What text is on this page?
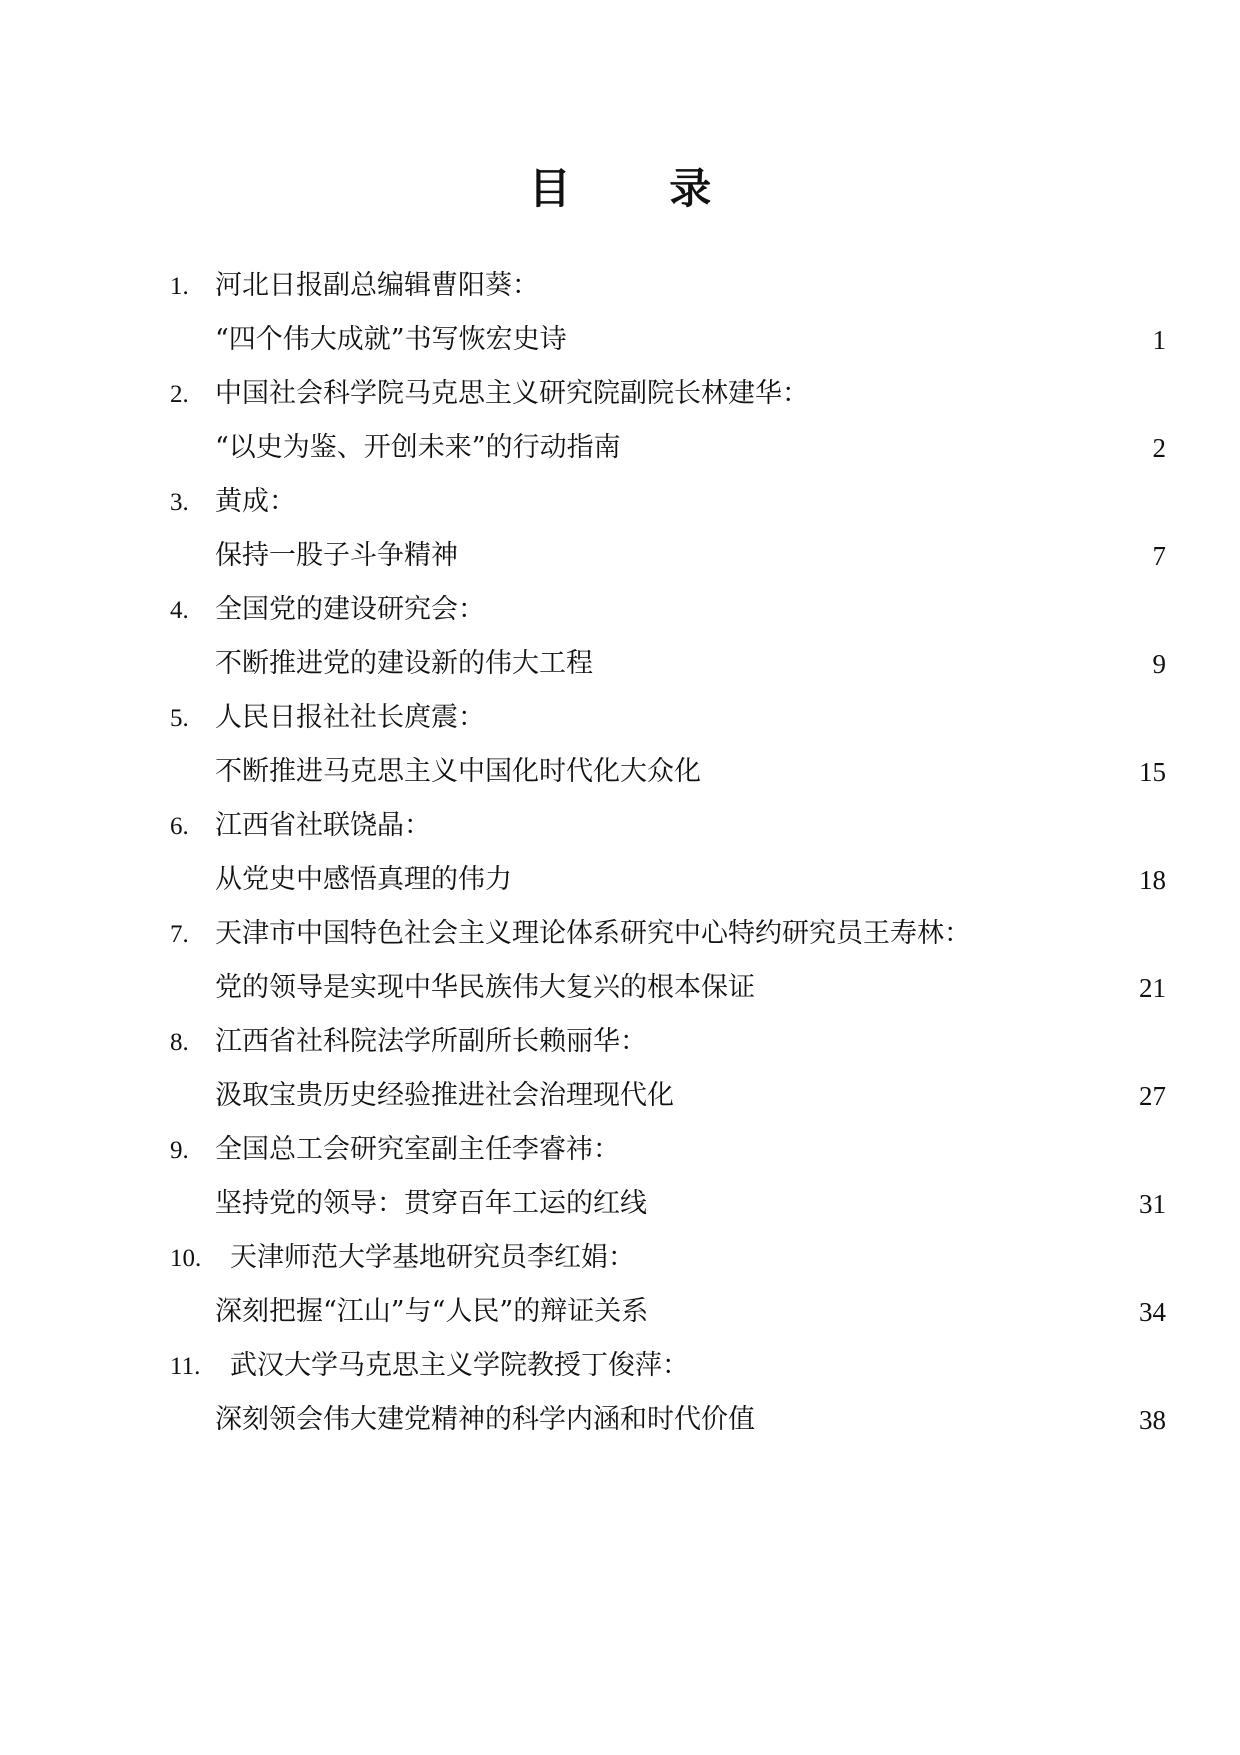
目 录
1. 河北日报副总编辑曹阳葵：
“四个伟大成就”书写恢宏史诗	1
2. 中国社会科学院马克思主义研究院副院长林建华：
“以史为鉴、开创未来”的行动指南	2
3. 黄成：
保持一股子斗争精神	7
4. 全国党的建设研究会：
不断推进党的建设新的伟大工程	9
5. 人民日报社社长庹震：
不断推进马克思主义中国化时代化大众化	15
6. 江西省社联饶晶：
从党史中感悟真理的伟力	18
7. 天津市中国特色社会主义理论体系研究中心特约研究员王寿林：
党的领导是实现中华民族伟大复兴的根本保证	21
8. 江西省社科院法学所副所长赖丽华：
汲取宝贵历史经验推进社会治理现代化	27
9. 全国总工会研究室副主任李睿祎：
坚持党的领导：贯穿百年工运的红线	31
10. 天津师范大学基地研究员李红娟：
深刻把握“江山”与“人民”的辩证关系	34
11. 武汉大学马克思主义学院教授丁俊萍：
深刻领会伟大建党精神的科学内涵和时代价值	38
